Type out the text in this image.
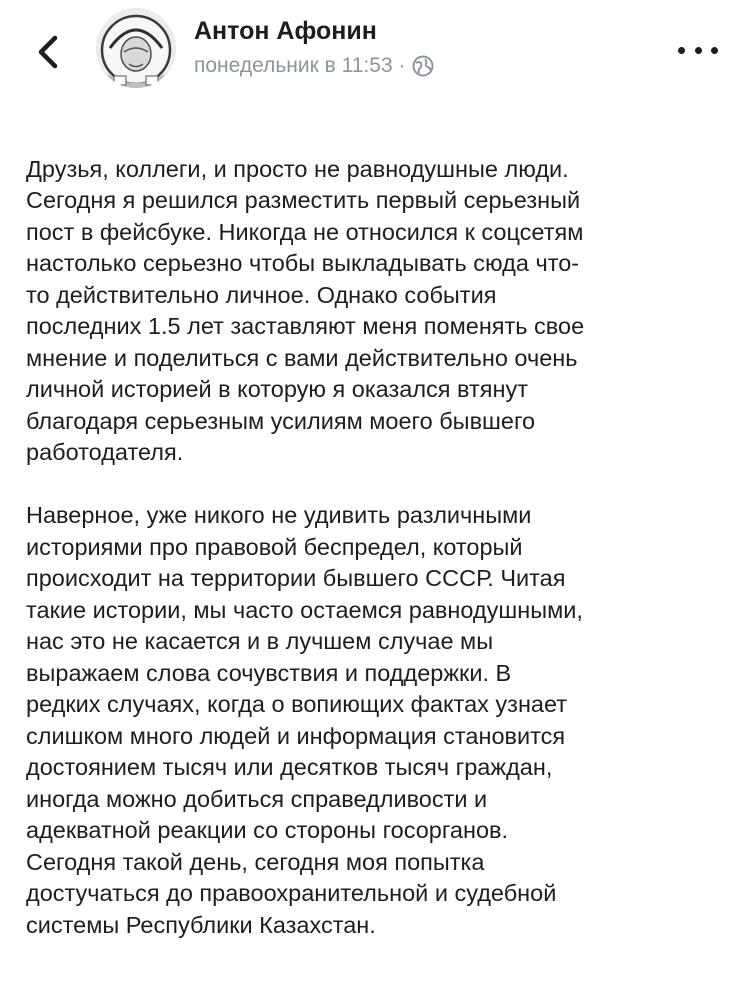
Антон Афонин
понедельник в 11:53 ·

Друзья, коллеги, и просто не равнодушные люди.
Сегодня я решился разместить первый серьезный
пост в фейсбуке. Никогда не относился к соцсетям
настолько серьезно чтобы выкладывать сюда что-
то действительно личное. Однако события
последних 1.5 лет заставляют меня поменять свое
мнение и поделиться с вами действительно очень
личной историей в которую я оказался втянут
благодаря серьезным усилиям моего бывшего
работодателя.

Наверное, уже никого не удивить различными
историями про правовой беспредел, который
происходит на территории бывшего СССР. Читая
такие истории, мы часто остаемся равнодушными,
нас это не касается и в лучшем случае мы
выражаем слова сочувствия и поддержки. В
редких случаях, когда о вопиющих фактах узнает
слишком много людей и информация становится
достоянием тысяч или десятков тысяч граждан,
иногда можно добиться справедливости и
адекватной реакции со стороны госорганов.
Сегодня такой день, сегодня моя попытка
достучаться до правоохранительной и судебной
системы Республики Казахстан.
